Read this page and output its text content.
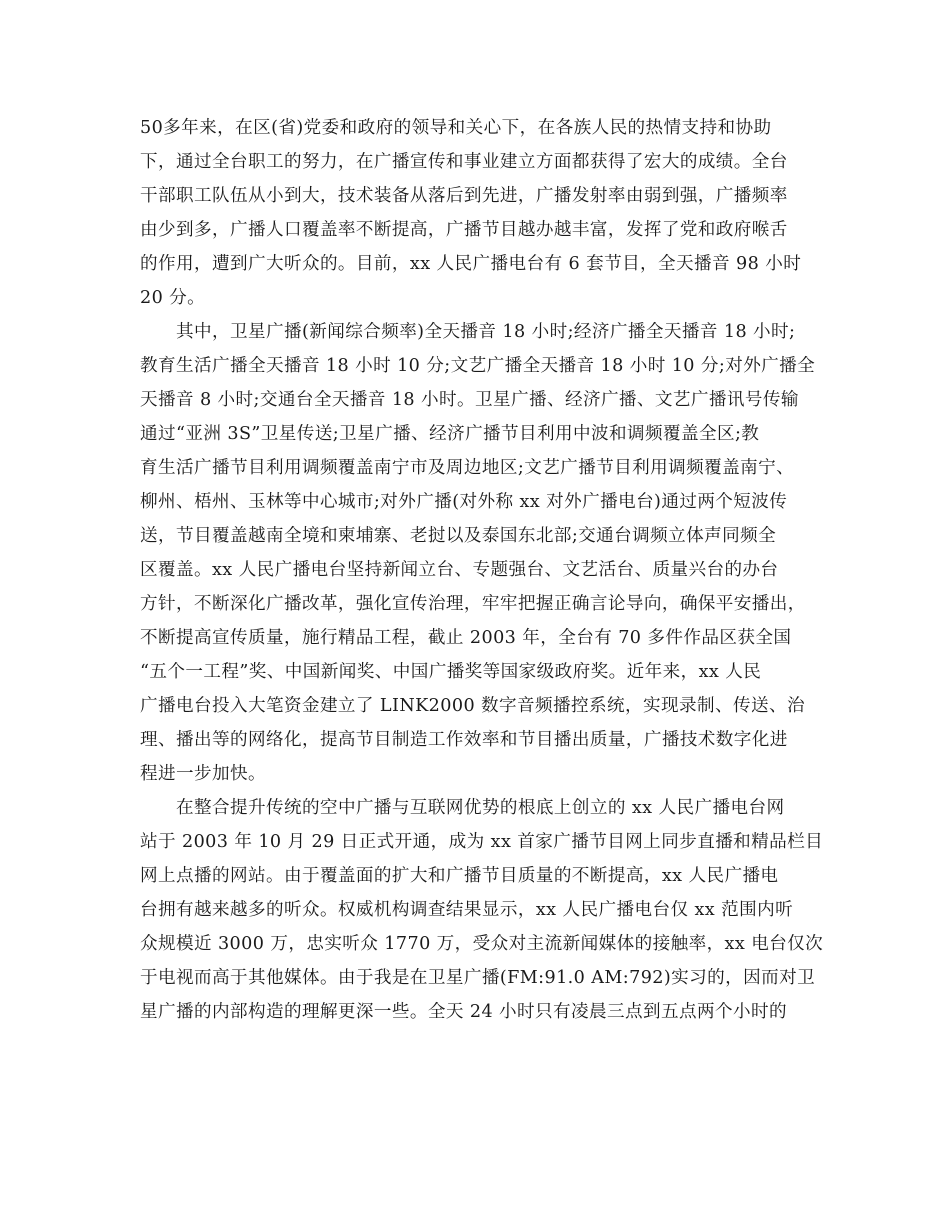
50多年来，在区(省)党委和政府的领导和关心下，在各族人民的热情支持和协助
下，通过全台职工的努力，在广播宣传和事业建立方面都获得了宏大的成绩。全台
干部职工队伍从小到大，技术装备从落后到先进，广播发射率由弱到强，广播频率
由少到多，广播人口覆盖率不断提高，广播节目越办越丰富，发挥了党和政府喉舌
的作用，遭到广大听众的。目前，xx 人民广播电台有 6 套节目，全天播音 98 小时
20 分。
其中，卫星广播(新闻综合频率)全天播音 18 小时;经济广播全天播音 18 小时;
教育生活广播全天播音 18 小时 10 分;文艺广播全天播音 18 小时 10 分;对外广播全
天播音 8 小时;交通台全天播音 18 小时。卫星广播、经济广播、文艺广播讯号传输
通过“亚洲 3S”卫星传送;卫星广播、经济广播节目利用中波和调频覆盖全区;教
育生活广播节目利用调频覆盖南宁市及周边地区;文艺广播节目利用调频覆盖南宁、
柳州、梧州、玉林等中心城市;对外广播(对外称 xx 对外广播电台)通过两个短波传
送，节目覆盖越南全境和柬埔寨、老挝以及泰国东北部;交通台调频立体声同频全
区覆盖。xx 人民广播电台坚持新闻立台、专题强台、文艺活台、质量兴台的办台
方针，不断深化广播改革，强化宣传治理，牢牢把握正确言论导向，确保平安播出，
不断提高宣传质量，施行精品工程，截止 2003 年，全台有 70 多件作品区获全国
“五个一工程”奖、中国新闻奖、中国广播奖等国家级政府奖。近年来，xx 人民
广播电台投入大笔资金建立了 LINK2000 数字音频播控系统，实现录制、传送、治
理、播出等的网络化，提高节目制造工作效率和节目播出质量，广播技术数字化进
程进一步加快。
在整合提升传统的空中广播与互联网优势的根底上创立的 xx 人民广播电台网
站于 2003 年 10 月 29 日正式开通，成为 xx 首家广播节目网上同步直播和精品栏目
网上点播的网站。由于覆盖面的扩大和广播节目质量的不断提高，xx 人民广播电
台拥有越来越多的听众。权威机构调查结果显示，xx 人民广播电台仅 xx 范围内听
众规模近 3000 万，忠实听众 1770 万，受众对主流新闻媒体的接触率，xx 电台仅次
于电视而高于其他媒体。由于我是在卫星广播(FM:91.0 AM:792)实习的，因而对卫
星广播的内部构造的理解更深一些。全天 24 小时只有凌晨三点到五点两个小时的
